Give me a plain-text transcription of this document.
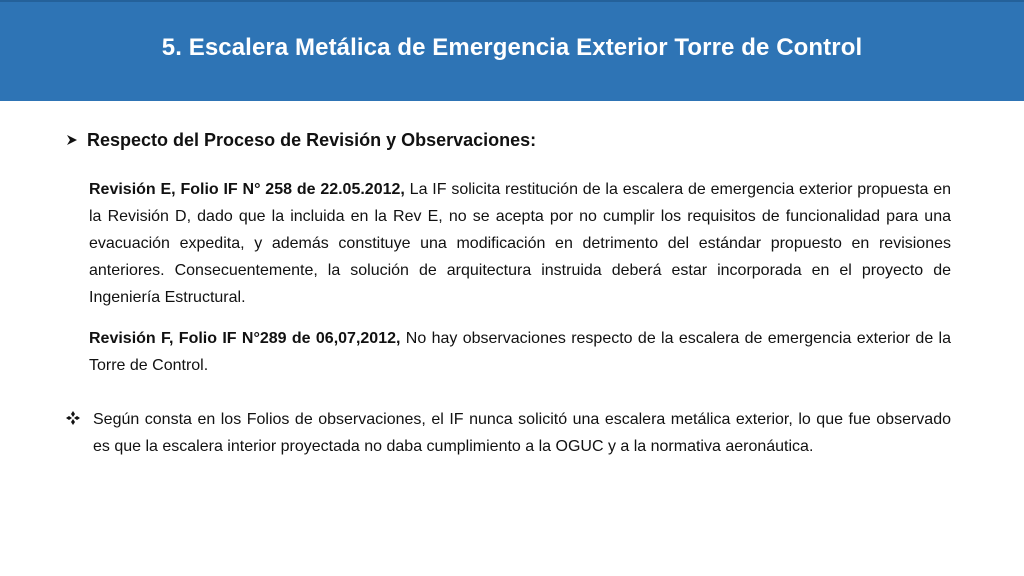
5. Escalera Metálica de Emergencia Exterior Torre de Control
Respecto del Proceso de Revisión y Observaciones:
Revisión E, Folio IF N° 258 de 22.05.2012, La IF solicita restitución de la escalera de emergencia exterior propuesta en la Revisión D, dado que la incluida en la Rev E, no se acepta por no cumplir los requisitos de funcionalidad para una evacuación expedita, y además constituye una modificación en detrimento del estándar propuesto en revisiones anteriores. Consecuentemente, la solución de arquitectura instruida deberá estar incorporada en el proyecto de Ingeniería Estructural.
Revisión F, Folio IF N°289 de 06,07,2012, No hay observaciones respecto de la escalera de emergencia exterior de la Torre de Control.
Según consta en los Folios de observaciones, el IF nunca solicitó una escalera metálica exterior, lo que fue observado es que la escalera interior proyectada no daba cumplimiento a la OGUC y a la normativa aeronáutica.
